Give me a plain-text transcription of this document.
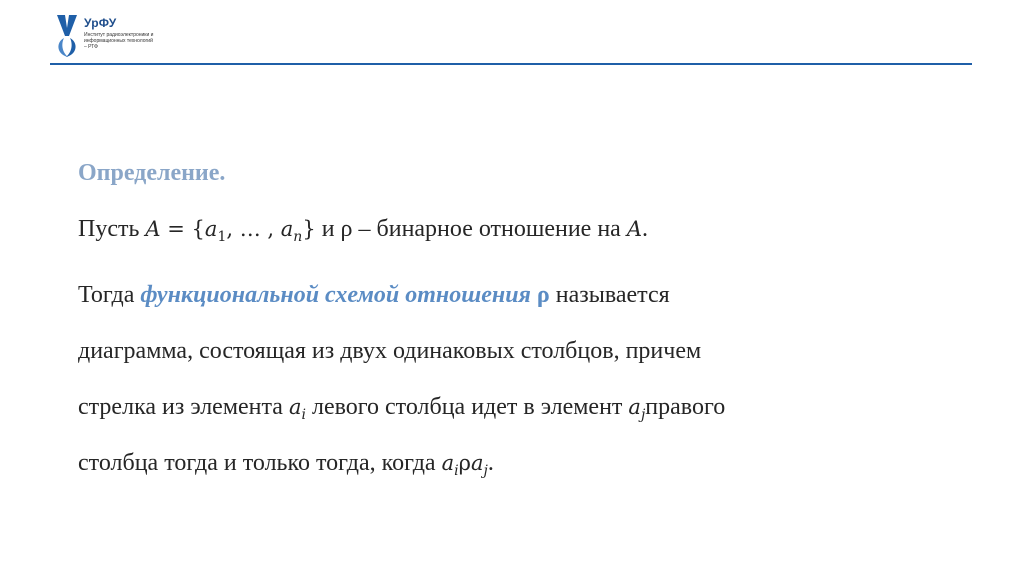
УрФУ
Институт радиоэлектроники и информационных технологий – РТФ
Определение.
Пусть $A = \{a_1$, … , $a_n$} и ρ – бинарное отношение на A.
Тогда функциональной схемой отношения ρ называется
диаграмма, состоящая из двух одинаковых столбцов, причем
стрелка из элемента $a_i$ левого столбца идет в элемент $a_jправого$
столбца тогда и только тогда, когда $a_i\rho a_j$.
